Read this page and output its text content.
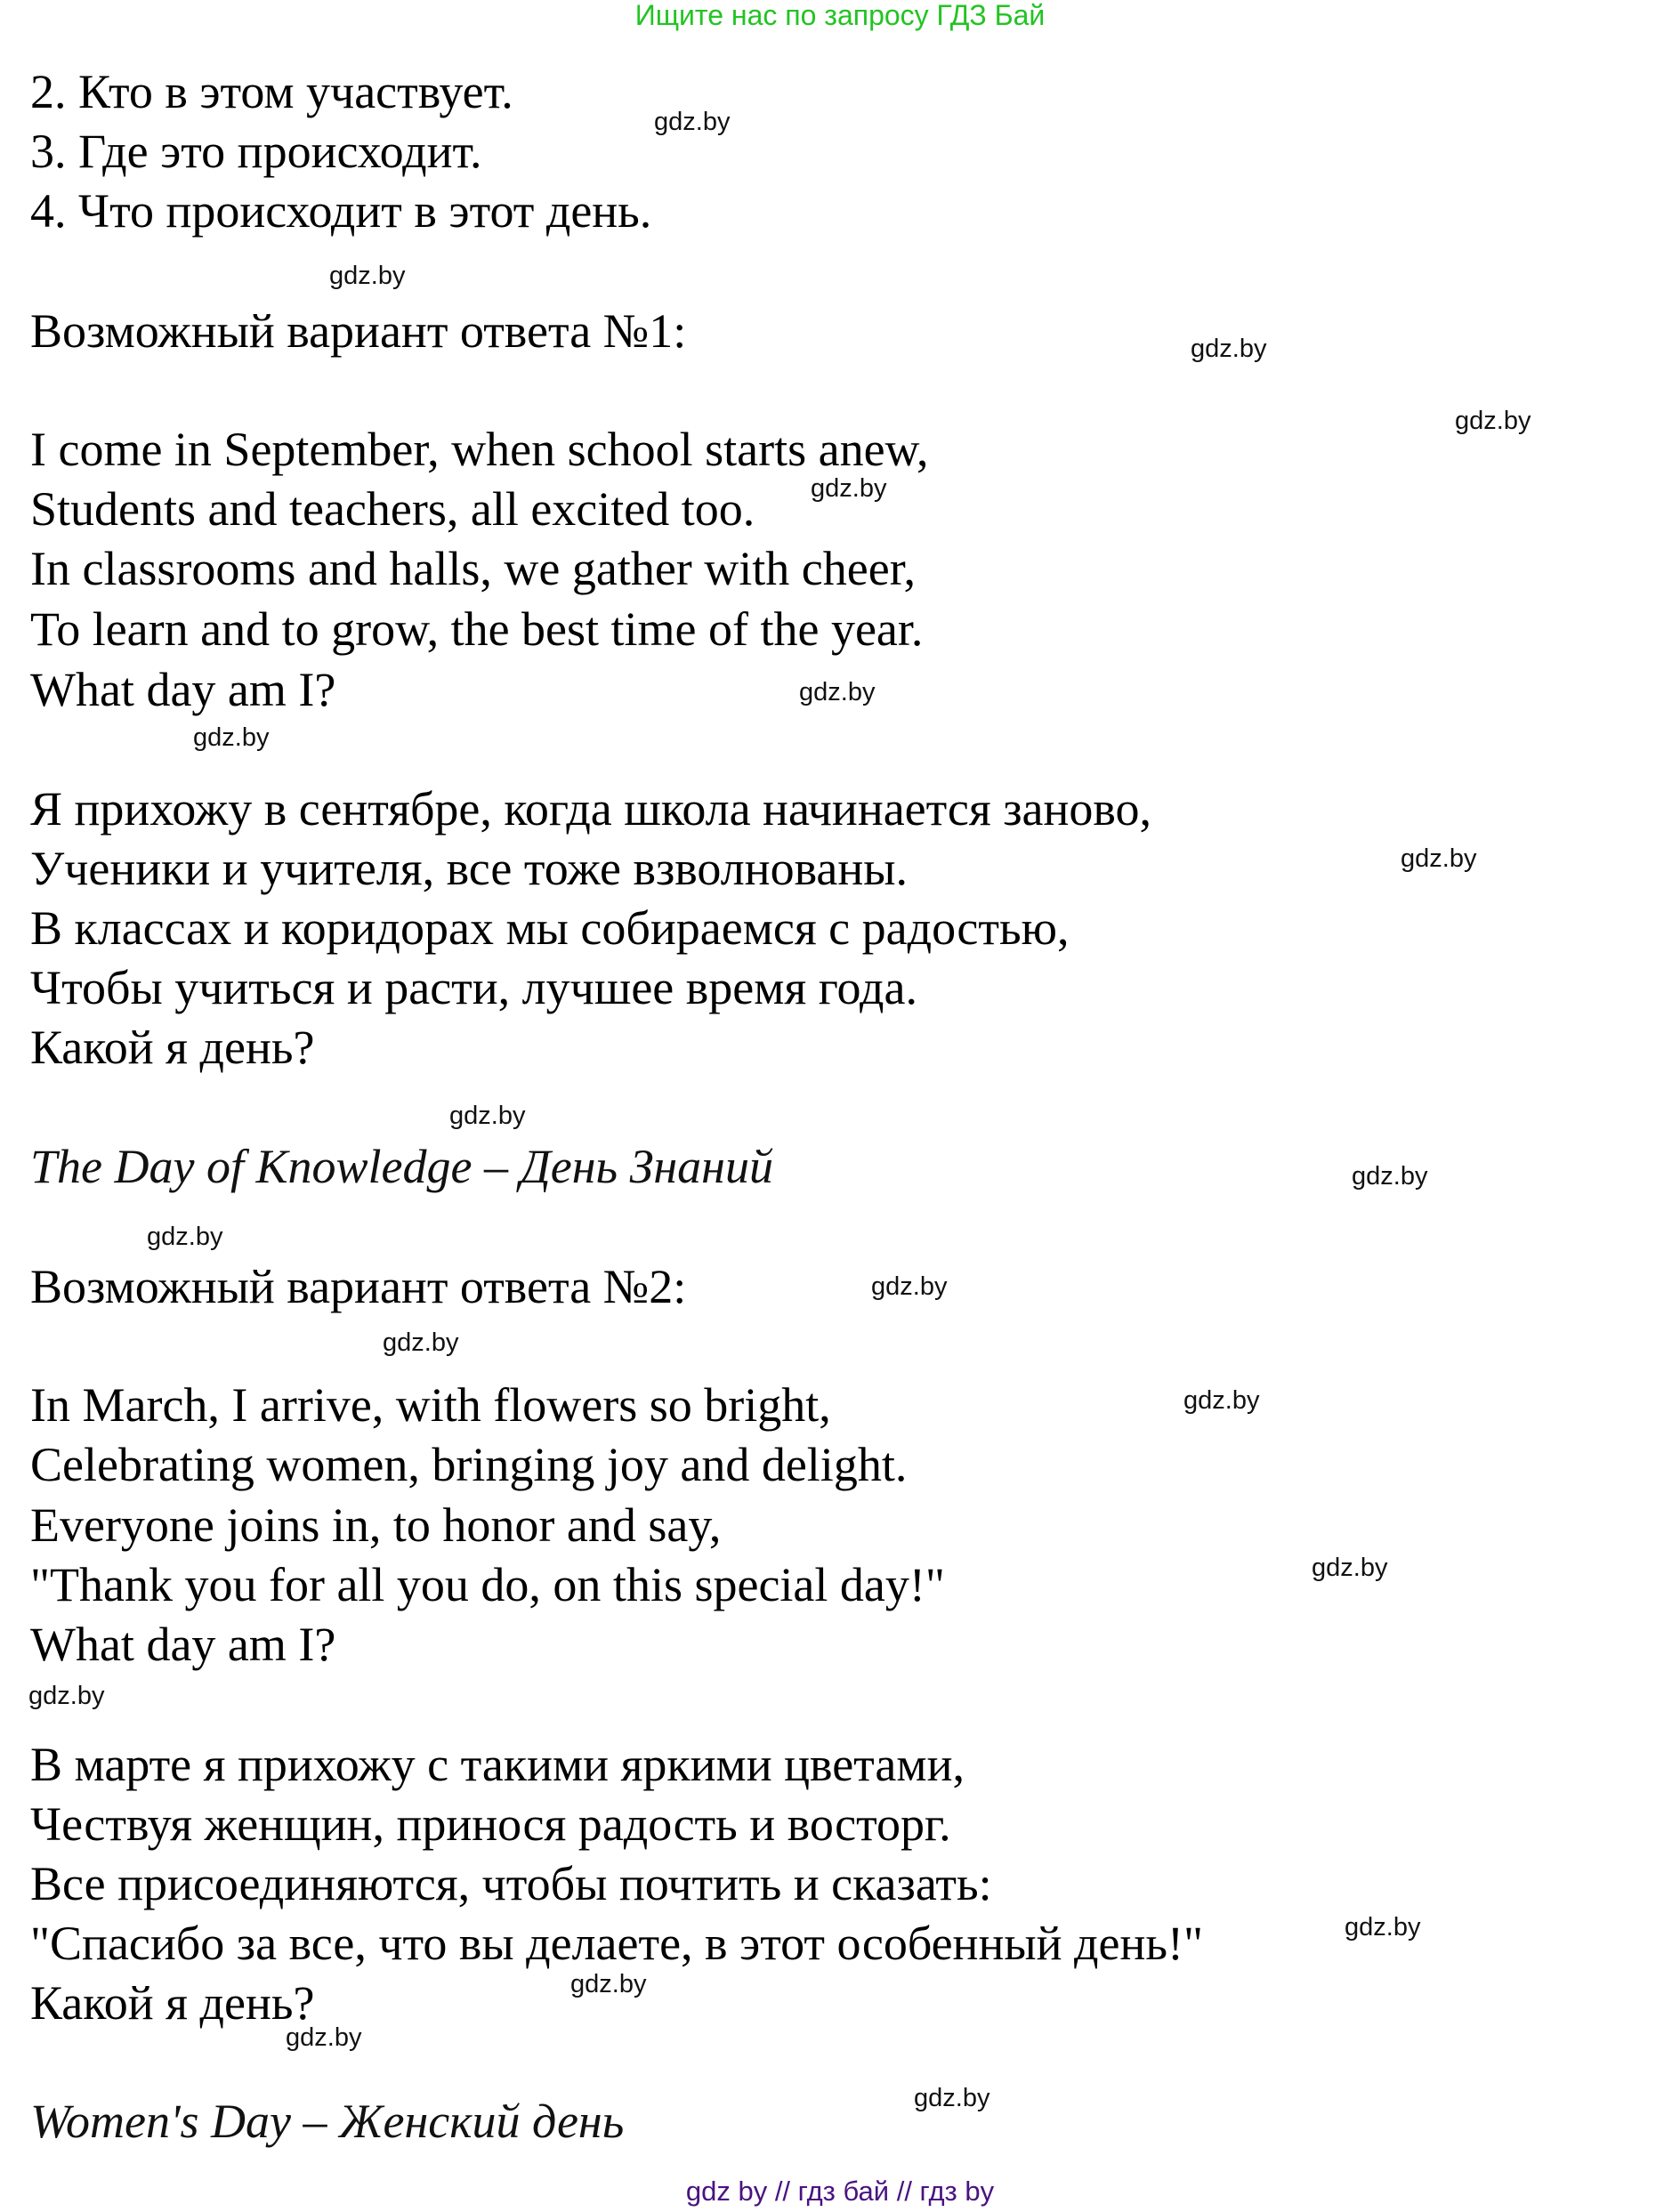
Ищите нас по запросу ГДЗ Бай
2. Кто в этом участвует.
3. Где это происходит.
4. Что происходит в этот день.
Возможный вариант ответа №1:
I come in September, when school starts anew,
Students and teachers, all excited too.
In classrooms and halls, we gather with cheer,
To learn and to grow, the best time of the year.
What day am I?
Я прихожу в сентябре, когда школа начинается заново,
Ученики и учителя, все тоже взволнованы.
В классах и коридорах мы собираемся с радостью,
Чтобы учиться и расти, лучшее время года.
Какой я день?
The Day of Knowledge – День Знаний
Возможный вариант ответа №2:
In March, I arrive, with flowers so bright,
Celebrating women, bringing joy and delight.
Everyone joins in, to honor and say,
"Thank you for all you do, on this special day!"
What day am I?
В марте я прихожу с такими яркими цветами,
Чествуя женщин, принося радость и восторг.
Все присоединяются, чтобы почтить и сказать:
"Спасибо за все, что вы делаете, в этот особенный день!"
Какой я день?
Women's Day – Женский день
gdz.by
gdz.by
gdz.by
gdz.by
gdz.by
gdz.by
gdz.by
gdz.by
gdz.by
gdz.by
gdz.by
gdz.by
gdz.by
gdz.by
gdz.by
gdz.by
gdz.by
gdz.by
gdz.by
gdz.by
gdz by // гдз бай // гдз by
